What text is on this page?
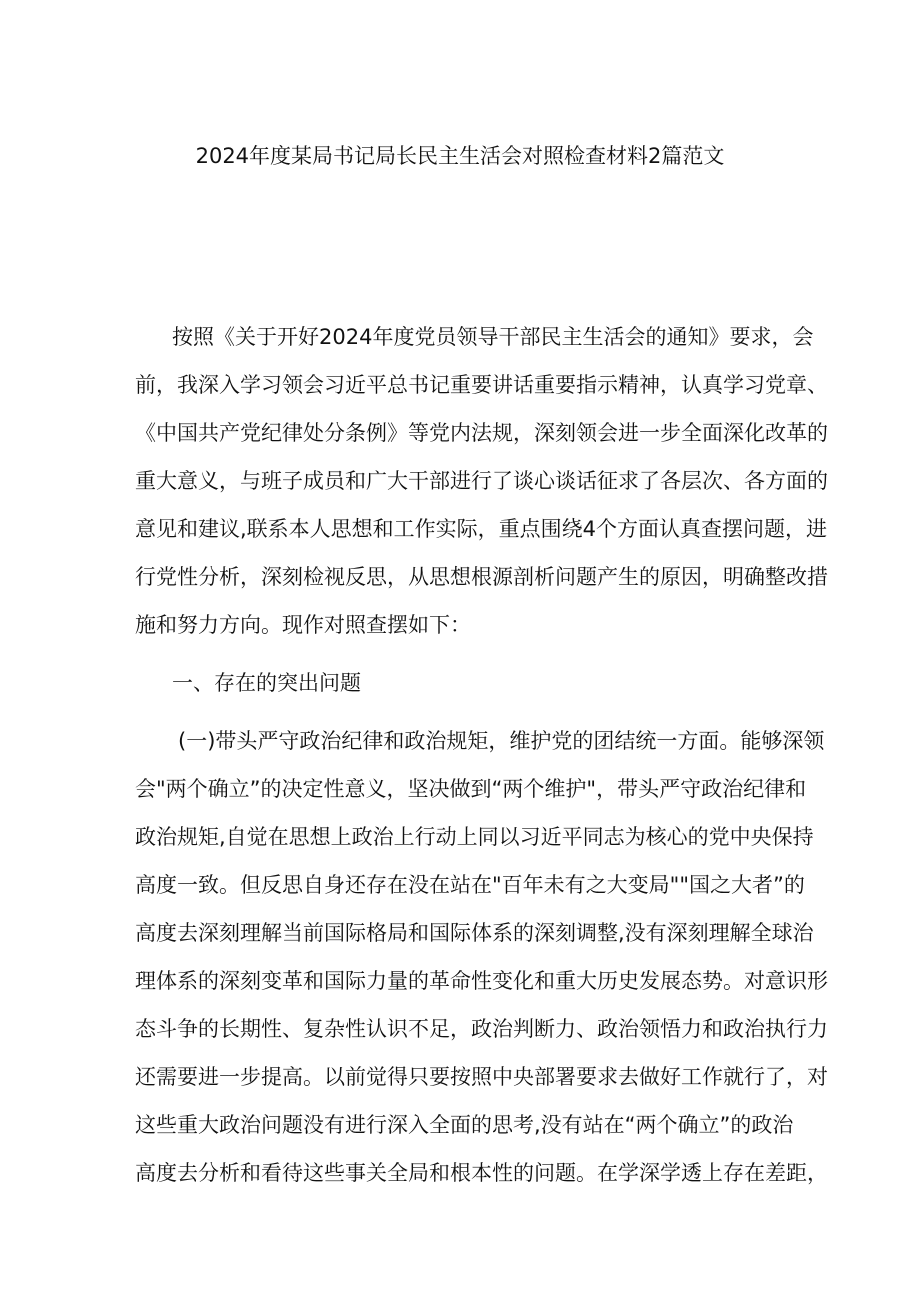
2024年度某局书记局长民主生活会对照检查材料2篇范文
按照《关于开好2024年度党员领导干部民主生活会的通知》要求，会
前，我深入学习领会习近平总书记重要讲话重要指示精神，认真学习党章、
《中国共产党纪律处分条例》等党内法规，深刻领会进一步全面深化改革的
重大意义，与班子成员和广大干部进行了谈心谈话征求了各层次、各方面的
意见和建议,联系本人思想和工作实际，重点围绕4个方面认真查摆问题，进
行党性分析，深刻检视反思，从思想根源剖析问题产生的原因，明确整改措
施和努力方向。现作对照查摆如下：
一、存在的突出问题
(一)带头严守政治纪律和政治规矩，维护党的团结统一方面。能够深领
会"两个确立”的决定性意义，坚决做到“两个维护"，带头严守政治纪律和
政治规矩,自觉在思想上政治上行动上同以习近平同志为核心的党中央保持
高度一致。但反思自身还存在没在站在"百年未有之大变局""国之大者”的
高度去深刻理解当前国际格局和国际体系的深刻调整,没有深刻理解全球治
理体系的深刻变革和国际力量的革命性变化和重大历史发展态势。对意识形
态斗争的长期性、复杂性认识不足，政治判断力、政治领悟力和政治执行力
还需要进一步提高。以前觉得只要按照中央部署要求去做好工作就行了，对
这些重大政治问题没有进行深入全面的思考,没有站在“两个确立”的政治
高度去分析和看待这些事关全局和根本性的问题。在学深学透上存在差距，
